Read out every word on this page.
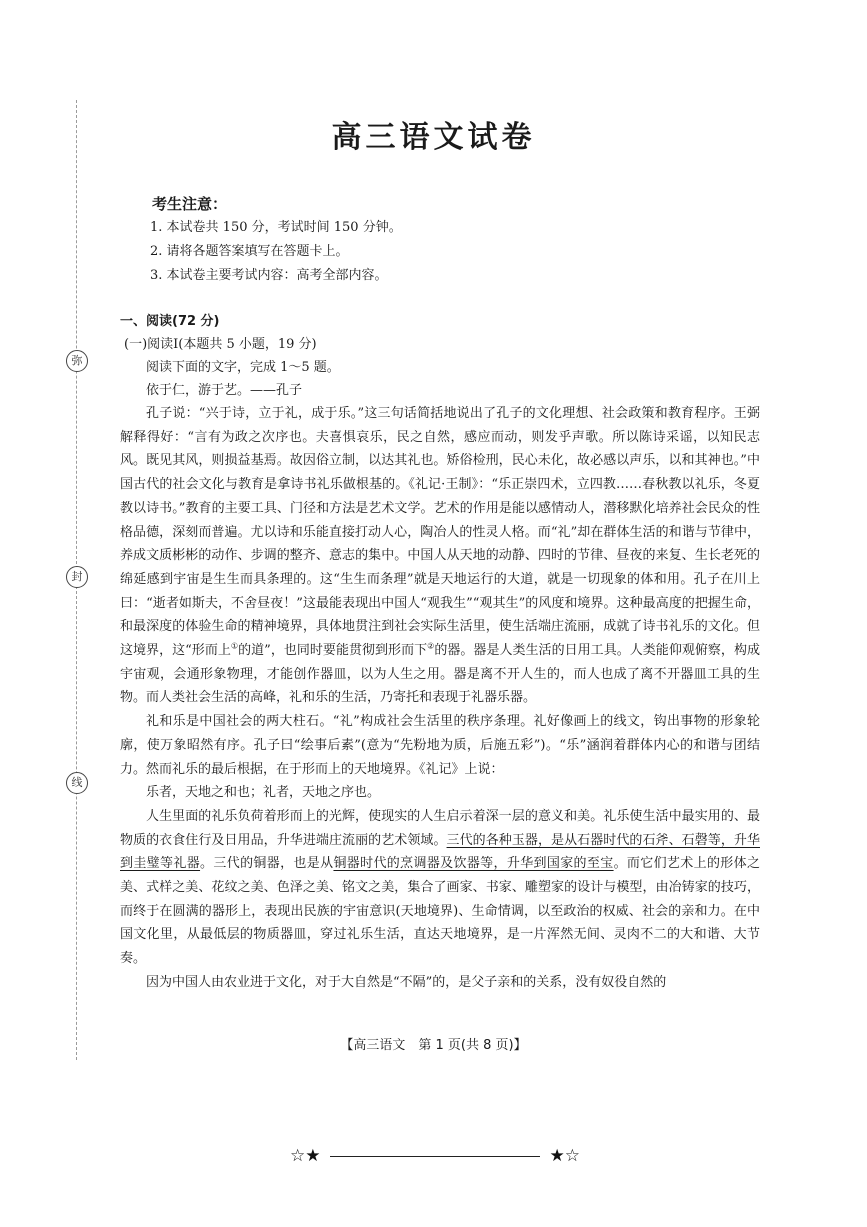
弥
封
线
高三语文试卷
考生注意：
1. 本试卷共 150 分，考试时间 150 分钟。
2. 请将各题答案填写在答题卡上。
3. 本试卷主要考试内容：高考全部内容。
一、阅读(72 分)
(一)阅读Ⅰ(本题共 5 小题，19 分)
阅读下面的文字，完成 1～5 题。
依于仁，游于艺。——孔子

孔子说：“兴于诗，立于礼，成于乐。”这三句话简括地说出了孔子的文化理想、社会政策和教育程序。王弼解释得好：“言有为政之次序也。夫喜惧哀乐，民之自然，感应而动，则发乎声歌。所以陈诗采谣，以知民志风。既见其风，则损益基焉。故因俗立制，以达其礼也。矫俗检刑，民心未化，故必感以声乐，以和其神也。”中国古代的社会文化与教育是拿诗书礼乐做根基的。《礼记·王制》：“乐正崇四术，立四教……春秋教以礼乐，冬夏教以诗书。”教育的主要工具、门径和方法是艺术文学。艺术的作用是能以感情动人，潜移默化培养社会民众的性格品德，深刻而普遍。尤以诗和乐能直接打动人心，陶冶人的性灵人格。而“礼”却在群体生活的和谐与节律中，养成文质彬彬的动作、步调的整齐、意志的集中。中国人从天地的动静、四时的节律、昼夜的来复、生长老死的绵延感到宇宙是生生而具条理的。这“生生而条理”就是天地运行的大道，就是一切现象的体和用。孔子在川上曰：“逝者如斯夫，不舍昼夜！”这最能表现出中国人“观我生”“观其生”的风度和境界。这种最高度的把握生命，和最深度的体验生命的精神境界，具体地贯注到社会实际生活里，使生活端庄流丽，成就了诗书礼乐的文化。但这境界，这“形而上①的道”，也同时要能贯彻到形而下②的器。器是人类生活的日用工具。人类能仰观俯察，构成宇宙观，会通形象物理，才能创作器皿，以为人生之用。器是离不开人生的，而人也成了离不开器皿工具的生物。而人类社会生活的高峰，礼和乐的生活，乃寄托和表现于礼器乐器。

礼和乐是中国社会的两大柱石。“礼”构成社会生活里的秩序条理。礼好像画上的线文，钩出事物的形象轮廓，使万象昭然有序。孔子曰“绘事后素”(意为“先粉地为质，后施五彩”)。“乐”涵润着群体内心的和谐与团结力。然而礼乐的最后根据，在于形而上的天地境界。《礼记》上说：

乐者，天地之和也；礼者，天地之序也。

人生里面的礼乐负荷着形而上的光辉，使现实的人生启示着深一层的意义和美。礼乐使生活中最实用的、最物质的衣食住行及日用品，升华进端庄流丽的艺术领域。三代的各种玉器，是从石器时代的石斧、石磬等，升华到圭璧等礼器。三代的铜器，也是从铜器时代的烹调器及饮器等，升华到国家的至宝。而它们艺术上的形体之美、式样之美、花纹之美、色泽之美、铭文之美，集合了画家、书家、雕塑家的设计与模型，由冶铸家的技巧，而终于在圆满的器形上，表现出民族的宇宙意识(天地境界)、生命情调，以至政治的权威、社会的亲和力。在中国文化里，从最低层的物质器皿，穿过礼乐生活，直达天地境界，是一片浑然无间、灵肉不二的大和谐、大节奏。

因为中国人由农业进于文化，对于大自然是“不隔”的，是父子亲和的关系，没有奴役自然的

【高三语文　第 1 页(共 8 页)】
☆★	★☆
